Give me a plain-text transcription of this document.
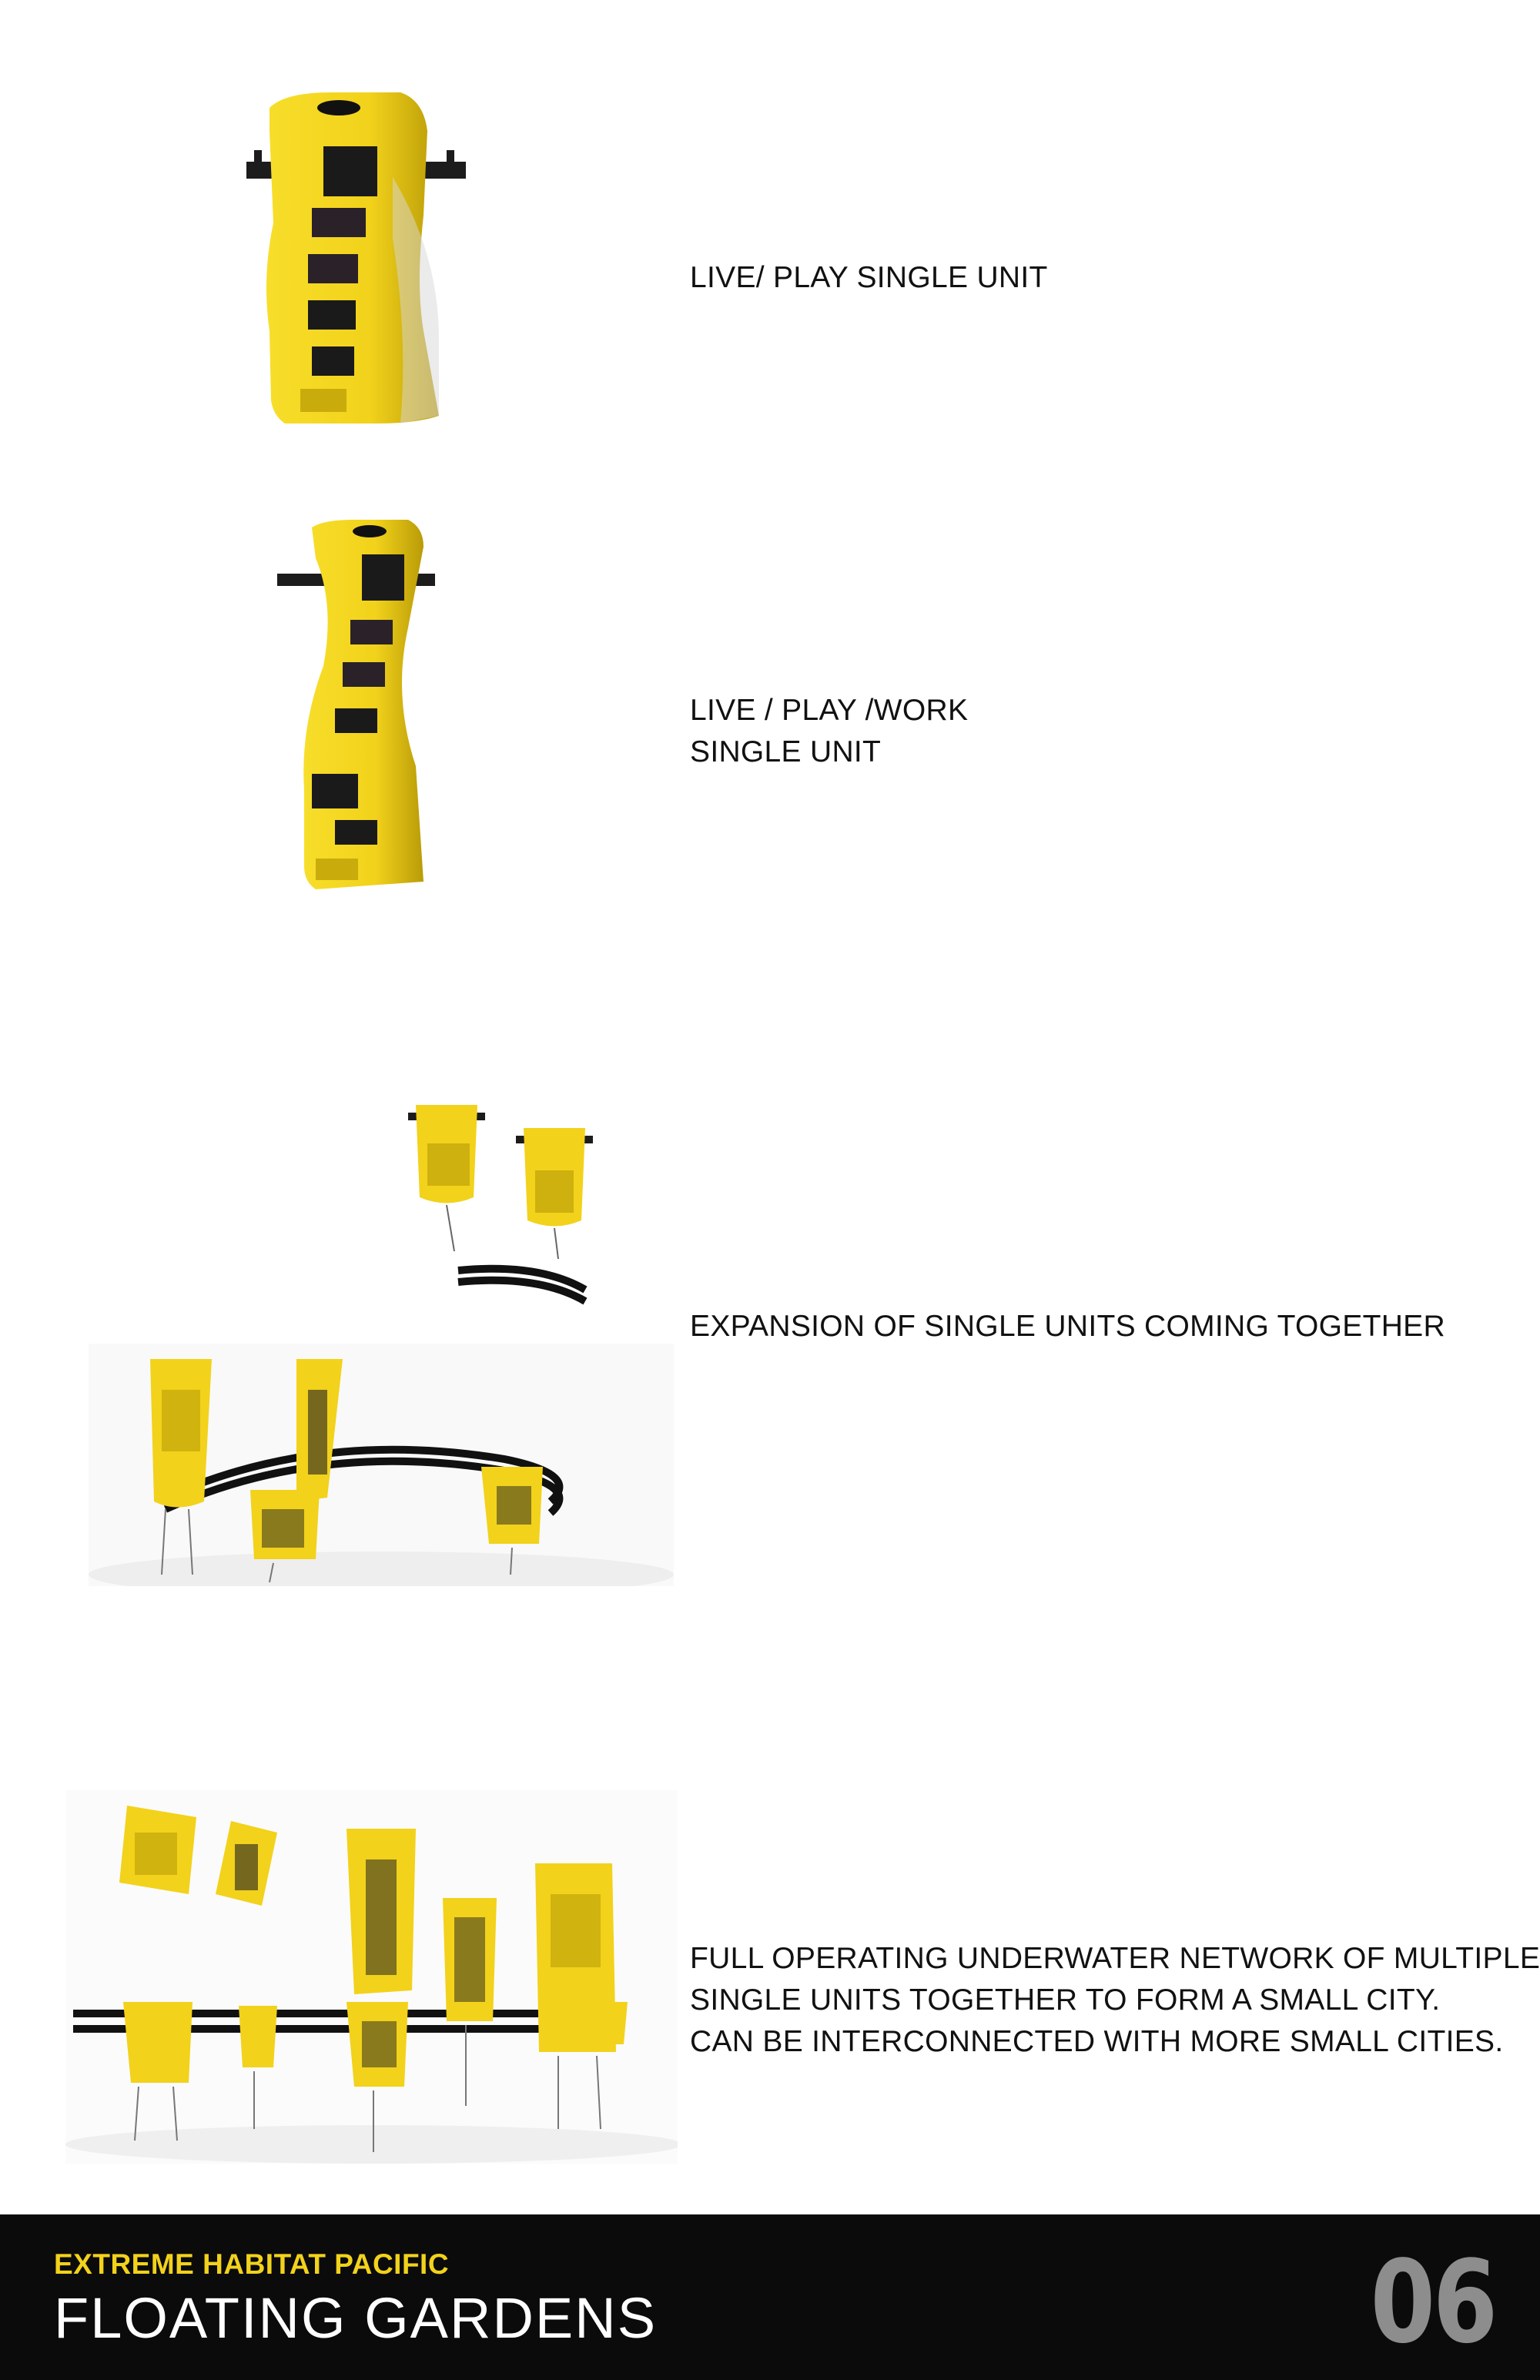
LIVE/ PLAY SINGLE UNIT
LIVE / PLAY /WORK
SINGLE UNIT
EXPANSION OF SINGLE UNITS COMING TOGETHER
FULL OPERATING UNDERWATER NETWORK OF MULTIPLE
SINGLE UNITS TOGETHER TO FORM A SMALL CITY.
CAN BE INTERCONNECTED WITH MORE SMALL CITIES.
EXTREME HABITAT PACIFIC
FLOATING GARDENS	06
